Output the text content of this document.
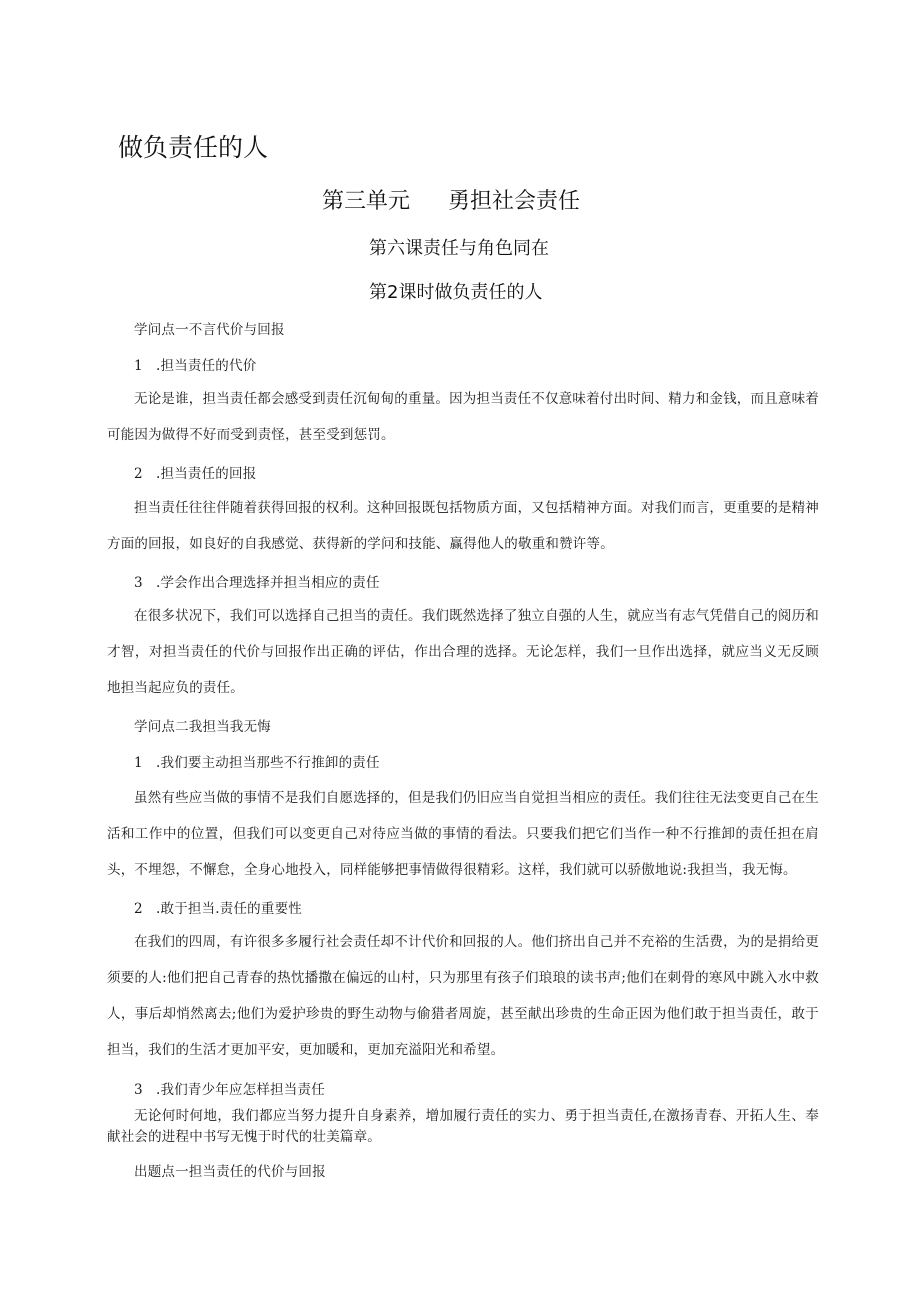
做负责任的人
第三单元 勇担社会责任
第六课责任与角色同在
第2课时做负责任的人
学问点一不言代价与回报
1 .担当责任的代价
无论是谁，担当责任都会感受到责任沉甸甸的重量。因为担当责任不仅意味着付出时间、精力和金钱，而且意味着可能因为做得不好而受到责怪，甚至受到惩罚。
2 .担当责任的回报
担当责任往往伴随着获得回报的权利。这种回报既包括物质方面，又包括精神方面。对我们而言，更重要的是精神方面的回报，如良好的自我感觉、获得新的学问和技能、赢得他人的敬重和赞许等。
3 .学会作出合理选择并担当相应的责任
在很多状况下，我们可以选择自己担当的责任。我们既然选择了独立自强的人生，就应当有志气凭借自己的阅历和才智，对担当责任的代价与回报作出正确的评估，作出合理的选择。无论怎样，我们一旦作出选择，就应当义无反顾地担当起应负的责任。
学问点二我担当我无悔
1 .我们要主动担当那些不行推卸的责任
虽然有些应当做的事情不是我们自愿选择的，但是我们仍旧应当自觉担当相应的责任。我们往往无法变更自己在生活和工作中的位置，但我们可以变更自己对待应当做的事情的看法。只要我们把它们当作一种不行推卸的责任担在肩头，不埋怨，不懈怠，全身心地投入，同样能够把事情做得很精彩。这样，我们就可以骄傲地说:我担当，我无悔。
2 .敢于担当.责任的重要性
在我们的四周，有许很多多履行社会责任却不计代价和回报的人。他们挤出自己并不充裕的生活费，为的是捐给更须要的人:他们把自己青春的热忱播撒在偏远的山村，只为那里有孩子们琅琅的读书声;他们在刺骨的寒风中跳入水中救人，事后却悄然离去;他们为爱护珍贵的野生动物与偷猎者周旋，甚至献出珍贵的生命正因为他们敢于担当责任，敢于担当，我们的生活才更加平安，更加暖和，更加充溢阳光和希望。
3 .我们青少年应怎样担当责任
无论何时何地，我们都应当努力提升自身素养，增加履行责任的实力、勇于担当责任,在激扬青春、开拓人生、奉献社会的进程中书写无愧于时代的壮美篇章。
出题点一担当责任的代价与回报
